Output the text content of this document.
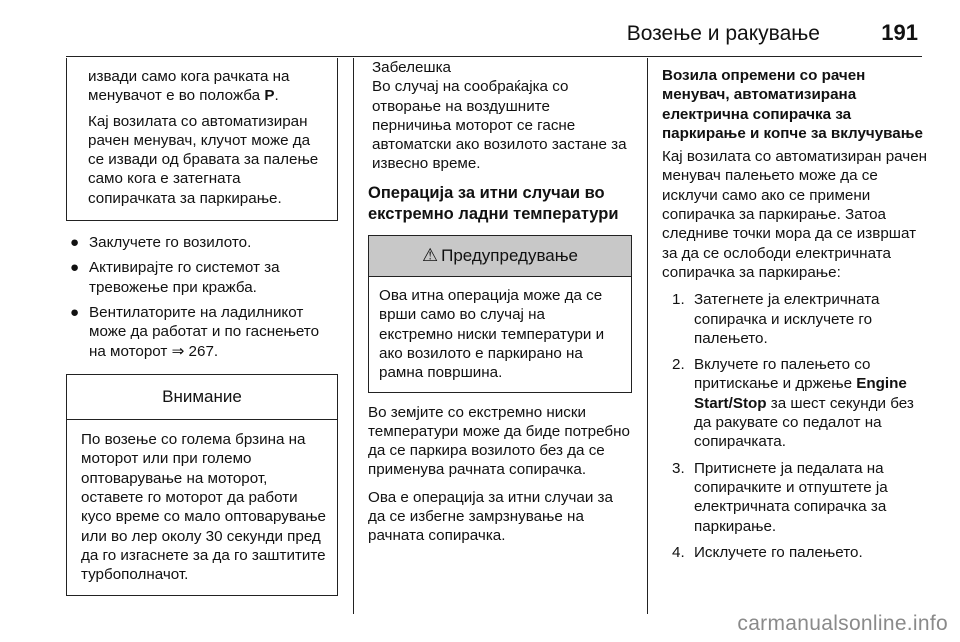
Возење и ракување	191

извади само кога рачката на менувачот е во положба P.

Кај возилата со автоматизиран рачен менувач, клучот може да се извади од бравата за палење само кога е затегната сопирачката за паркирање.

● Заклучете го возилото.
● Активирајте го системот за тревожење при кражба.
● Вентилаторите на ладилникот може да работат и по гаснењето на моторот ⇒ 267.
Внимание
По возење со голема брзина на моторот или при големо оптоварување на моторот, оставете го моторот да работи кусо време со мало оптоварување или во лер околу 30 секунди пред да го изгаснете за да го заштитите турбополначот.
Забелешка
Во случај на сообраќајка со отворање на воздушните перничиња моторот се гасне автоматски ако возилото застане за извесно време.
Операција за итни случаи во екстремно ладни температури
⚠ Предупредување
Ова итна операција може да се врши само во случај на екстремно ниски температури и ако возилото е паркирано на рамна површина.
Во земјите со екстремно ниски температури може да биде потребно да се паркира возилото без да се применува рачната сопирачка.
Ова е операција за итни случаи за да се избегне замрзнување на рачната сопирачка.
Возила опремени со рачен менувач, автоматизирана електрична сопирачка за паркирање и копче за вклучување
Кај возилата со автоматизиран рачен менувач палењето може да се исклучи само ако се примени сопирачка за паркирање. Затоа следниве точки мора да се извршат за да се ослободи електричната сопирачка за паркирање:
1. Затегнете ја електричната сопирачка и исклучете го палењето.
2. Вклучете го палењето со притискање и држење Engine Start/Stop за шест секунди без да ракувате со педалот на сопирачката.
3. Притиснете ја педалата на сопирачките и отпуштете ја електричната сопирачка за паркирање.
4. Исклучете го палењето.
carmanualsonline.info
